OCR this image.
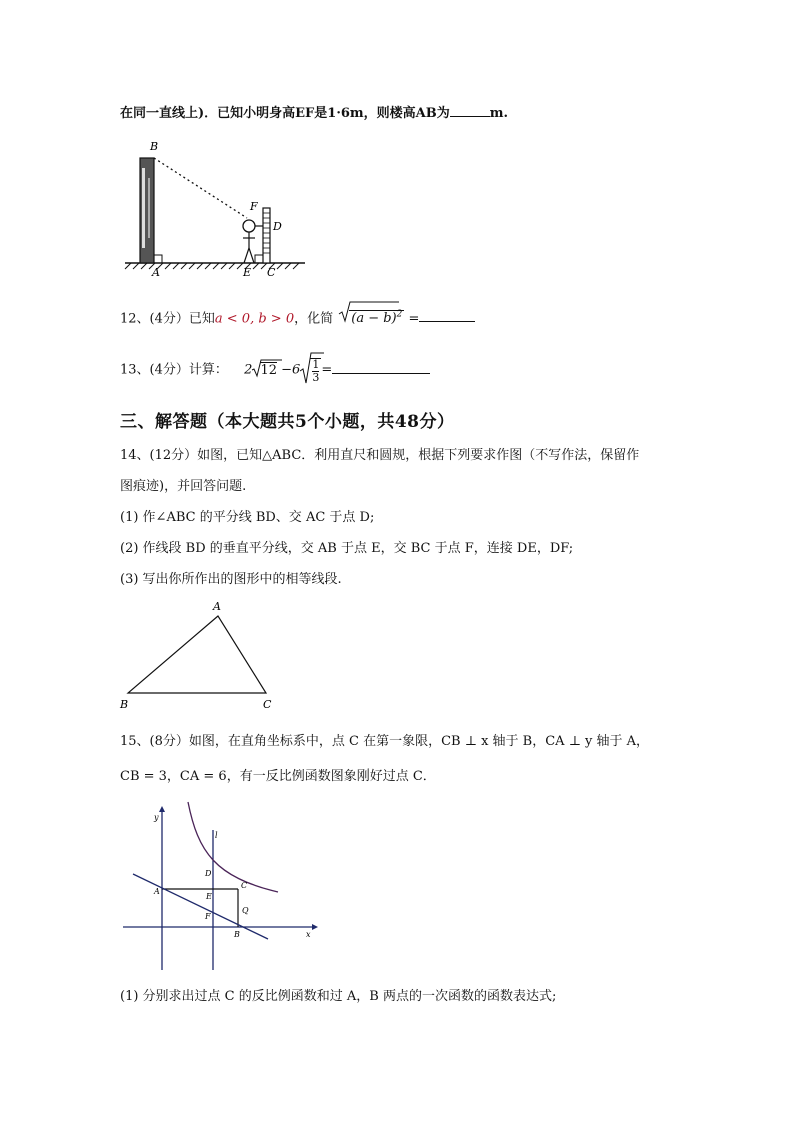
在同一直线上)．已知小明身高EF是1·6m，则楼高AB为	m.
B
F
D
A	E C
12、(4分）已知a < 0, b > 0，化简 $(a - b)^2$ =
13、(4分）计算： 2 $12 -6 \frac{1}{3}$ =
三、解答题（本大题共5个小题，共48分）
14、(12分）如图，已知△ABC．利用直尺和圆规，根据下列要求作图（不写作法，保留作
图痕迹)，并回答问题.
(1) 作∠ABC 的平分线 BD、交 AC 于点 D;
(2) 作线段 BD 的垂直平分线，交 AB 于点 E，交 BC 于点 F，连接 DE，DF;
(3) 写出你所作出的图形中的相等线段.
A
B	C
15、(8分）如图，在直角坐标系中，点 C 在第一象限，CB ⊥ x 轴于 B，CA ⊥ y 轴于 A，
CB = 3，CA = 6，有一反比例函数图象刚好过点 C．
y
l
D
C
A
E
Q
F
B	x
(1) 分别求出过点 C 的反比例函数和过 A，B 两点的一次函数的函数表达式;
